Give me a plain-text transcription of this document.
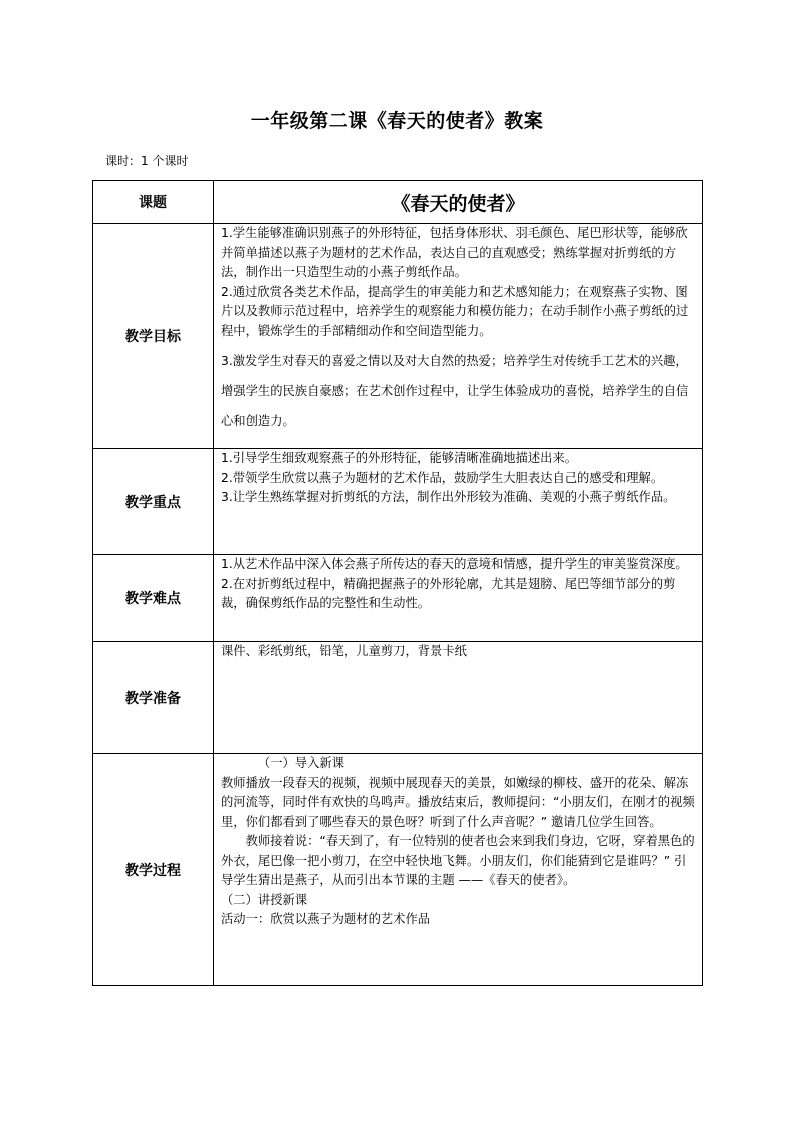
一年级第二课《春天的使者》教案
课时：1 个课时
课题	《春天的使者》
教学目标	1.学生能够准确识别燕子的外形特征，包括身体形状、羽毛颜色、尾巴形状等，能够欣并简单描述以燕子为题材的艺术作品，表达自己的直观感受；熟练掌握对折剪纸的方法，制作出一只造型生动的小燕子剪纸作品。

2.通过欣赏各类艺术作品，提高学生的审美能力和艺术感知能力；在观察燕子实物、图片以及教师示范过程中，培养学生的观察能力和模仿能力；在动手制作小燕子剪纸的过程中，锻炼学生的手部精细动作和空间造型能力。

3.激发学生对春天的喜爱之情以及对大自然的热爱；培养学生对传统手工艺术的兴趣，增强学生的民族自豪感；在艺术创作过程中，让学生体验成功的喜悦，培养学生的自信心和创造力。

教学重点	1.引导学生细致观察燕子的外形特征，能够清晰准确地描述出来。
2.带领学生欣赏以燕子为题材的艺术作品，鼓励学生大胆表达自己的感受和理解。
3.让学生熟练掌握对折剪纸的方法，制作出外形较为准确、美观的小燕子剪纸作品。

教学难点	1.从艺术作品中深入体会燕子所传达的春天的意境和情感，提升学生的审美鉴赏深度。
2.在对折剪纸过程中，精确把握燕子的外形轮廓，尤其是翅膀、尾巴等细节部分的剪裁，确保剪纸作品的完整性和生动性。

教学准备	课件、彩纸剪纸，铅笔，儿童剪刀，背景卡纸
教学过程	（一）导入新课

教师播放一段春天的视频，视频中展现春天的美景，如嫩绿的柳枝、盛开的花朵、解冻的河流等，同时伴有欢快的鸟鸣声。播放结束后，教师提问：“小朋友们，在刚才的视频里，你们都看到了哪些春天的景色呀？听到了什么声音呢？” 邀请几位学生回答。

教师接着说：“春天到了，有一位特别的使者也会来到我们身边，它呀，穿着黑色的外衣，尾巴像一把小剪刀，在空中轻快地飞舞。小朋友们，你们能猜到它是谁吗？” 引导学生猜出是燕子，从而引出本节课的主题 ——《春天的使者》。

（二）讲授新课

活动一：欣赏以燕子为题材的艺术作品
